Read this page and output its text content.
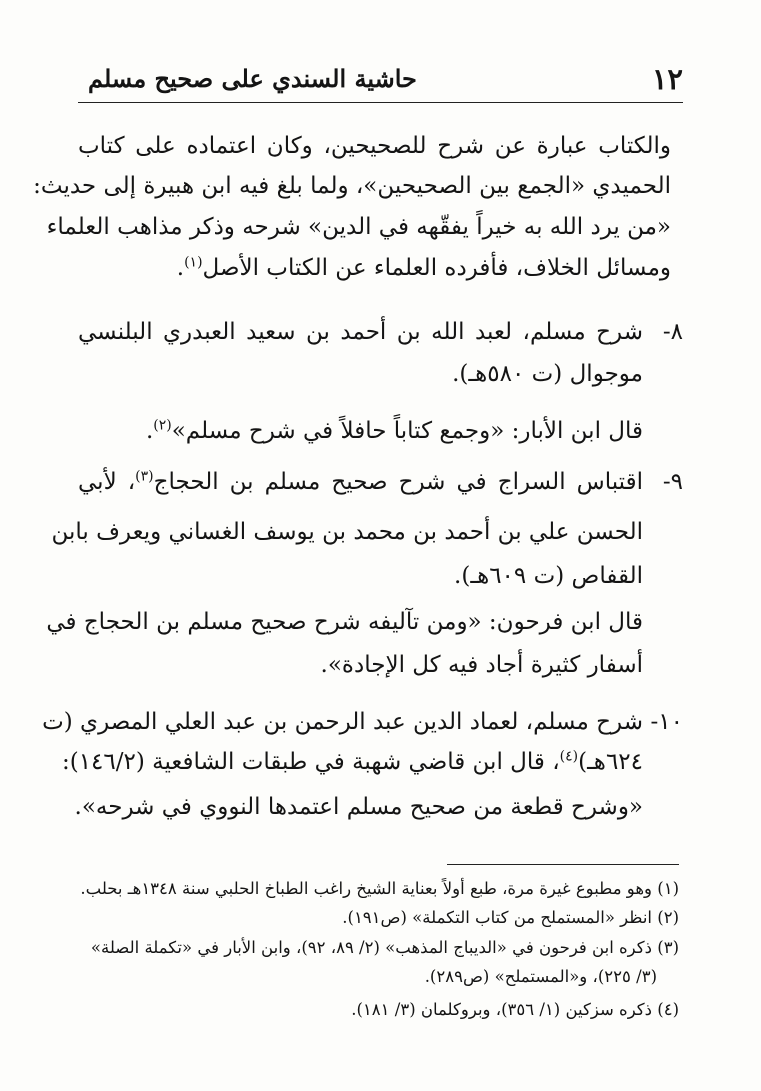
١٢
حاشية السندي على صحيح مسلم
والكتاب عبارة عن شرح للصحيحين، وكان اعتماده على كتاب
الحميدي «الجمع بين الصحيحين»، ولما بلغ فيه ابن هبيرة إلى حديث:
«من يرد الله به خيراً يفقّهه في الدين» شرحه وذكر مذاهب العلماء
ومسائل الخلاف، فأفرده العلماء عن الكتاب الأصل$^{(١)}$.
٨-
شرح مسلم، لعبد الله بن أحمد بن سعيد العبدري البلنسي
موجوال (ت ٥٨٠هـ).
قال ابن الأبار: «وجمع كتاباً حافلاً في شرح مسلم»$^{(٢)}$.
٩-
اقتباس السراج في شرح صحيح مسلم بن الحجاج$^{(٣)}$، لأبي
الحسن علي بن أحمد بن محمد بن يوسف الغساني ويعرف بابن
القفاص (ت ٦٠٩هـ).
قال ابن فرحون: «ومن تآليفه شرح صحيح مسلم بن الحجاج في
أسفار كثيرة أجاد فيه كل الإجادة».
١٠-
شرح مسلم، لعماد الدين عبد الرحمن بن عبد العلي المصري (ت
٦٢٤هـ)$^{(٤)}$، قال ابن قاضي شهبة في طبقات الشافعية (١٤٦/٢):
«وشرح قطعة من صحيح مسلم اعتمدها النووي في شرحه».
(١) وهو مطبوع غيرة مرة، طبع أولاً بعناية الشيخ راغب الطباخ الحلبي سنة ١٣٤٨هـ بحلب.
(٢) انظر «المستملح من كتاب التكملة» (ص١٩١).
(٣) ذكره ابن فرحون في «الديباج المذهب» (٢/ ٨٩، ٩٢)، وابن الأبار في «تكملة الصلة»
(٣/ ٢٢٥)، و«المستملح» (ص٢٨٩).
(٤) ذكره سزكين (١/ ٣٥٦)، وبروكلمان (٣/ ١٨١).
